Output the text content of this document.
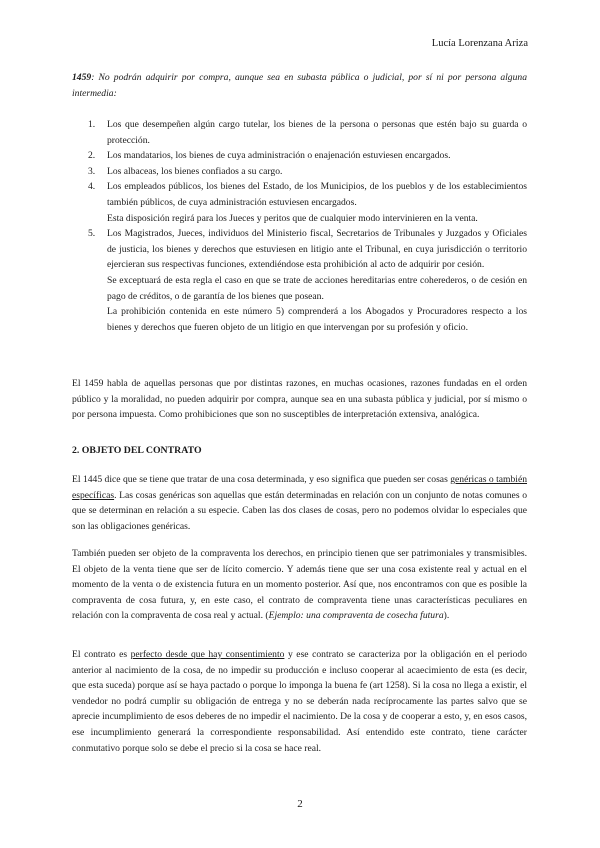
Lucía Lorenzana Ariza

1459: No podrán adquirir por compra, aunque sea en subasta pública o judicial, por sí ni por persona alguna intermedia:

1. Los que desempeñen algún cargo tutelar, los bienes de la persona o personas que estén bajo su guarda o protección.

2. Los mandatarios, los bienes de cuya administración o enajenación estuviesen encargados.

3. Los albaceas, los bienes confiados a su cargo.

4. Los empleados públicos, los bienes del Estado, de los Municipios, de los pueblos y de los establecimientos también públicos, de cuya administración estuviesen encargados.

Esta disposición regirá para los Jueces y peritos que de cualquier modo intervinieren en la venta.

5. Los Magistrados, Jueces, individuos del Ministerio fiscal, Secretarios de Tribunales y Juzgados y Oficiales de justicia, los bienes y derechos que estuviesen en litigio ante el Tribunal, en cuya jurisdicción o territorio ejercieran sus respectivas funciones, extendiéndose esta prohibición al acto de adquirir por cesión.

Se exceptuará de esta regla el caso en que se trate de acciones hereditarias entre coherederos, o de cesión en pago de créditos, o de garantía de los bienes que posean.

La prohibición contenida en este número 5) comprenderá a los Abogados y Procuradores respecto a los bienes y derechos que fueren objeto de un litigio en que intervengan por su profesión y oficio.

El 1459 habla de aquellas personas que por distintas razones, en muchas ocasiones, razones fundadas en el orden público y la moralidad, no pueden adquirir por compra, aunque sea en una subasta pública y judicial, por sí mismo o por persona impuesta. Como prohibiciones que son no susceptibles de interpretación extensiva, analógica.

2. OBJETO DEL CONTRATO

El 1445 dice que se tiene que tratar de una cosa determinada, y eso significa que pueden ser cosas genéricas o también específicas. Las cosas genéricas son aquellas que están determinadas en relación con un conjunto de notas comunes o que se determinan en relación a su especie. Caben las dos clases de cosas, pero no podemos olvidar lo especiales que son las obligaciones genéricas.

También pueden ser objeto de la compraventa los derechos, en principio tienen que ser patrimoniales y transmisibles. El objeto de la venta tiene que ser de lícito comercio. Y además tiene que ser una cosa existente real y actual en el momento de la venta o de existencia futura en un momento posterior. Así que, nos encontramos con que es posible la compraventa de cosa futura, y, en este caso, el contrato de compraventa tiene unas características peculiares en relación con la compraventa de cosa real y actual. (Ejemplo: una compraventa de cosecha futura).

El contrato es perfecto desde que hay consentimiento y ese contrato se caracteriza por la obligación en el periodo anterior al nacimiento de la cosa, de no impedir su producción e incluso cooperar al acaecimiento de esta (es decir, que esta suceda) porque así se haya pactado o porque lo imponga la buena fe (art 1258). Si la cosa no llega a existir, el vendedor no podrá cumplir su obligación de entrega y no se deberán nada recíprocamente las partes salvo que se aprecie incumplimiento de esos deberes de no impedir el nacimiento. De la cosa y de cooperar a esto, y, en esos casos, ese incumplimiento generará la correspondiente responsabilidad. Así entendido este contrato, tiene carácter conmutativo porque solo se debe el precio si la cosa se hace real.

2
